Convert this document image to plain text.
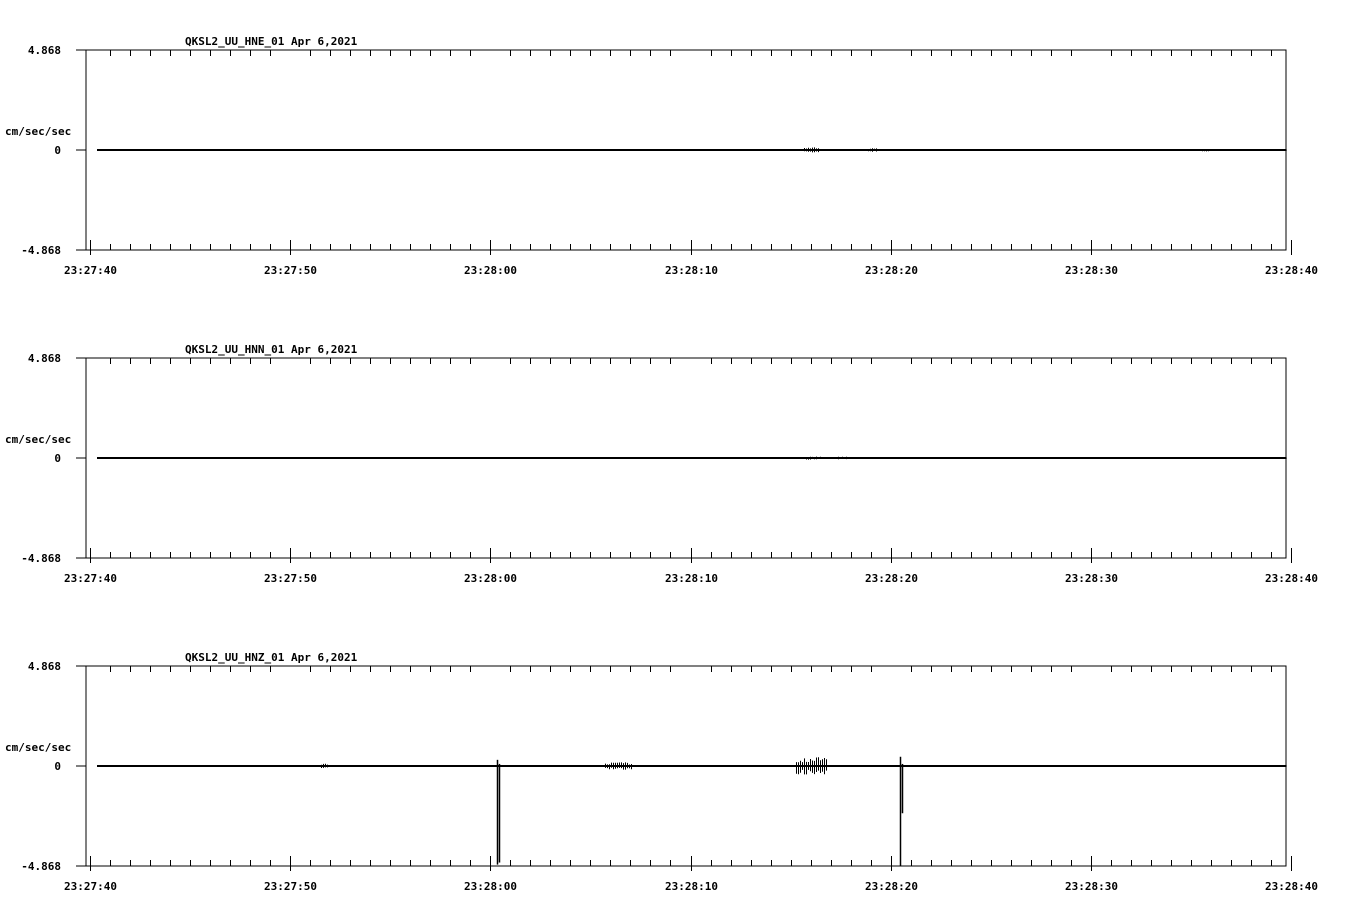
QKSL2_UU_HNE_01 Apr 6,2021
cm/sec/sec
4.868
0
-4.868
23:27:40	23:27:50	23:28:00	23:28:10	23:28:20	23:28:30	23:28:40
QKSL2_UU_HNN_01 Apr 6,2021
cm/sec/sec
4.868
0
-4.868
23:27:40	23:27:50	23:28:00	23:28:10	23:28:20	23:28:30	23:28:40
QKSL2_UU_HNZ_01 Apr 6,2021
cm/sec/sec
4.868
0
-4.868
23:27:40	23:27:50	23:28:00	23:28:10	23:28:20	23:28:30	23:28:40
